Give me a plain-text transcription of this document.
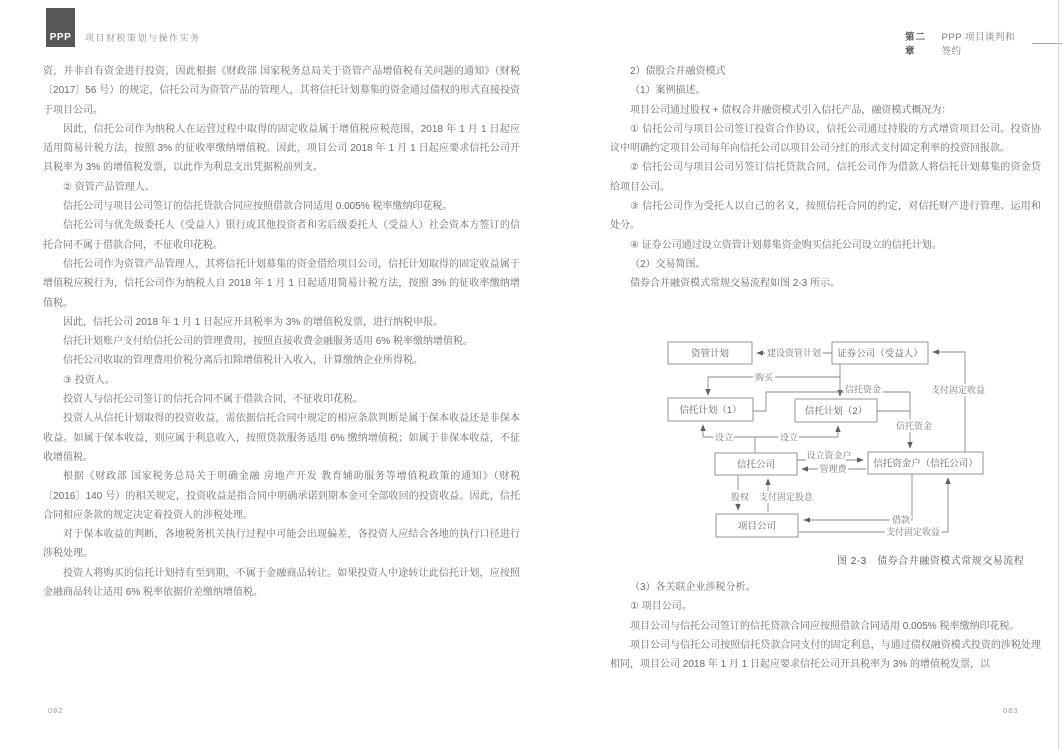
PPP 项目财税策划与操作实务	第二章
PPP 项目谈判和签约

资，并非自有资金进行投资，因此根据《财政部 国家税务总局关于资管产品增值税有关问题的通知》（财税〔2017〕56 号）的规定，信托公司为资管产品的管理人，其将信托计划募集的资金通过债权的形式直接投资于项目公司。

因此，信托公司作为纳税人在运营过程中取得的固定收益属于增值税应税范围，2018 年 1 月 1 日起应适用简易计税方法，按照 3% 的征收率缴纳增值税。因此，项目公司 2018 年 1 月 1 日起应要求信托公司开具税率为 3% 的增值税发票，以此作为利息支出凭据税前列支。

② 资管产品管理人。

信托公司与项目公司签订的信托贷款合同应按照借款合同适用 0.005% 税率缴纳印花税。

信托公司与优先级委托人（受益人）银行或其他投资者和劣后级委托人（受益人）社会资本方签订的信托合同不属于借款合同，不征收印花税。

信托公司作为资管产品管理人，其将信托计划募集的资金借给项目公司，信托计划取得的固定收益属于增值税应税行为，信托公司作为纳税人自 2018 年 1 月 1 日起适用简易计税方法，按照 3% 的征收率缴纳增值税。

因此，信托公司 2018 年 1 月 1 日起应开具税率为 3% 的增值税发票，进行纳税申报。

信托计划账户支付给信托公司的管理费用，按照直接收费金融服务适用 6% 税率缴纳增值税。

信托公司收取的管理费用价税分离后扣除增值税计入收入，计算缴纳企业所得税。

③ 投资人。

投资人与信托公司签订的信托合同不属于借款合同，不征收印花税。

投资人从信托计划取得的投资收益，需依据信托合同中规定的相应条款判断是属于保本收益还是非保本收益。如属于保本收益，则应属于利息收入，按照贷款服务适用 6% 缴纳增值税；如属于非保本收益，不征收增值税。

根据《财政部 国家税务总局关于明确金融 房地产开发 教育辅助服务等增值税政策的通知》（财税〔2016〕140 号）的相关规定，投资收益是指合同中明确承诺到期本金可全部收回的投资收益。因此，信托合同相应条款的规定决定着投资人的涉税处理。

对于保本收益的判断，各地税务机关执行过程中可能会出现偏差，各投资人应结合各地的执行口径进行涉税处理。

投资人将购买的信托计划持有至到期，不属于金融商品转让。如果投资人中途转让此信托计划，应按照金融商品转让适用 6% 税率依据价差缴纳增值税。

2）债股合并融资模式

（1）案例描述。

项目公司通过股权 + 债权合并融资模式引入信托产品，融资模式概况为：

① 信托公司与项目公司签订投资合作协议，信托公司通过持股的方式增资项目公司。投资协议中明确约定项目公司每年向信托公司以项目公司分红的形式支付固定利率的投资回报款。

② 信托公司与项目公司另签订信托贷款合同，信托公司作为借款人将信托计划募集的资金贷给项目公司。

③ 信托公司作为受托人以自己的名义，按照信托合同的约定，对信托财产进行管理、运用和处分。

④ 证券公司通过设立资管计划募集资金购买信托公司设立的信托计划。

（2）交易简图。

债券合并融资模式常规交易流程如图 2-3 所示。

资管计划	证券公司（受益人）
信托计划（1）	信托计划（2）
信托公司	信托资金户（信托公司）
项目公司
建设资管计划
购买
信托资金
信托资金
支付固定收益
设立	设立
设立资金户
管理费
股权 支付固定股息
借款
支付固定收益
图 2-3　债券合并融资模式常规交易流程

（3）各关联企业涉税分析。

① 项目公司。

项目公司与信托公司签订的信托贷款合同应按照借款合同适用 0.005% 税率缴纳印花税。

项目公司与信托公司按照信托贷款合同支付的固定利息，与通过债权融资模式投资的涉税处理相同，项目公司 2018 年 1 月 1 日起应要求信托公司开具税率为 3% 的增值税发票，以

082	083
